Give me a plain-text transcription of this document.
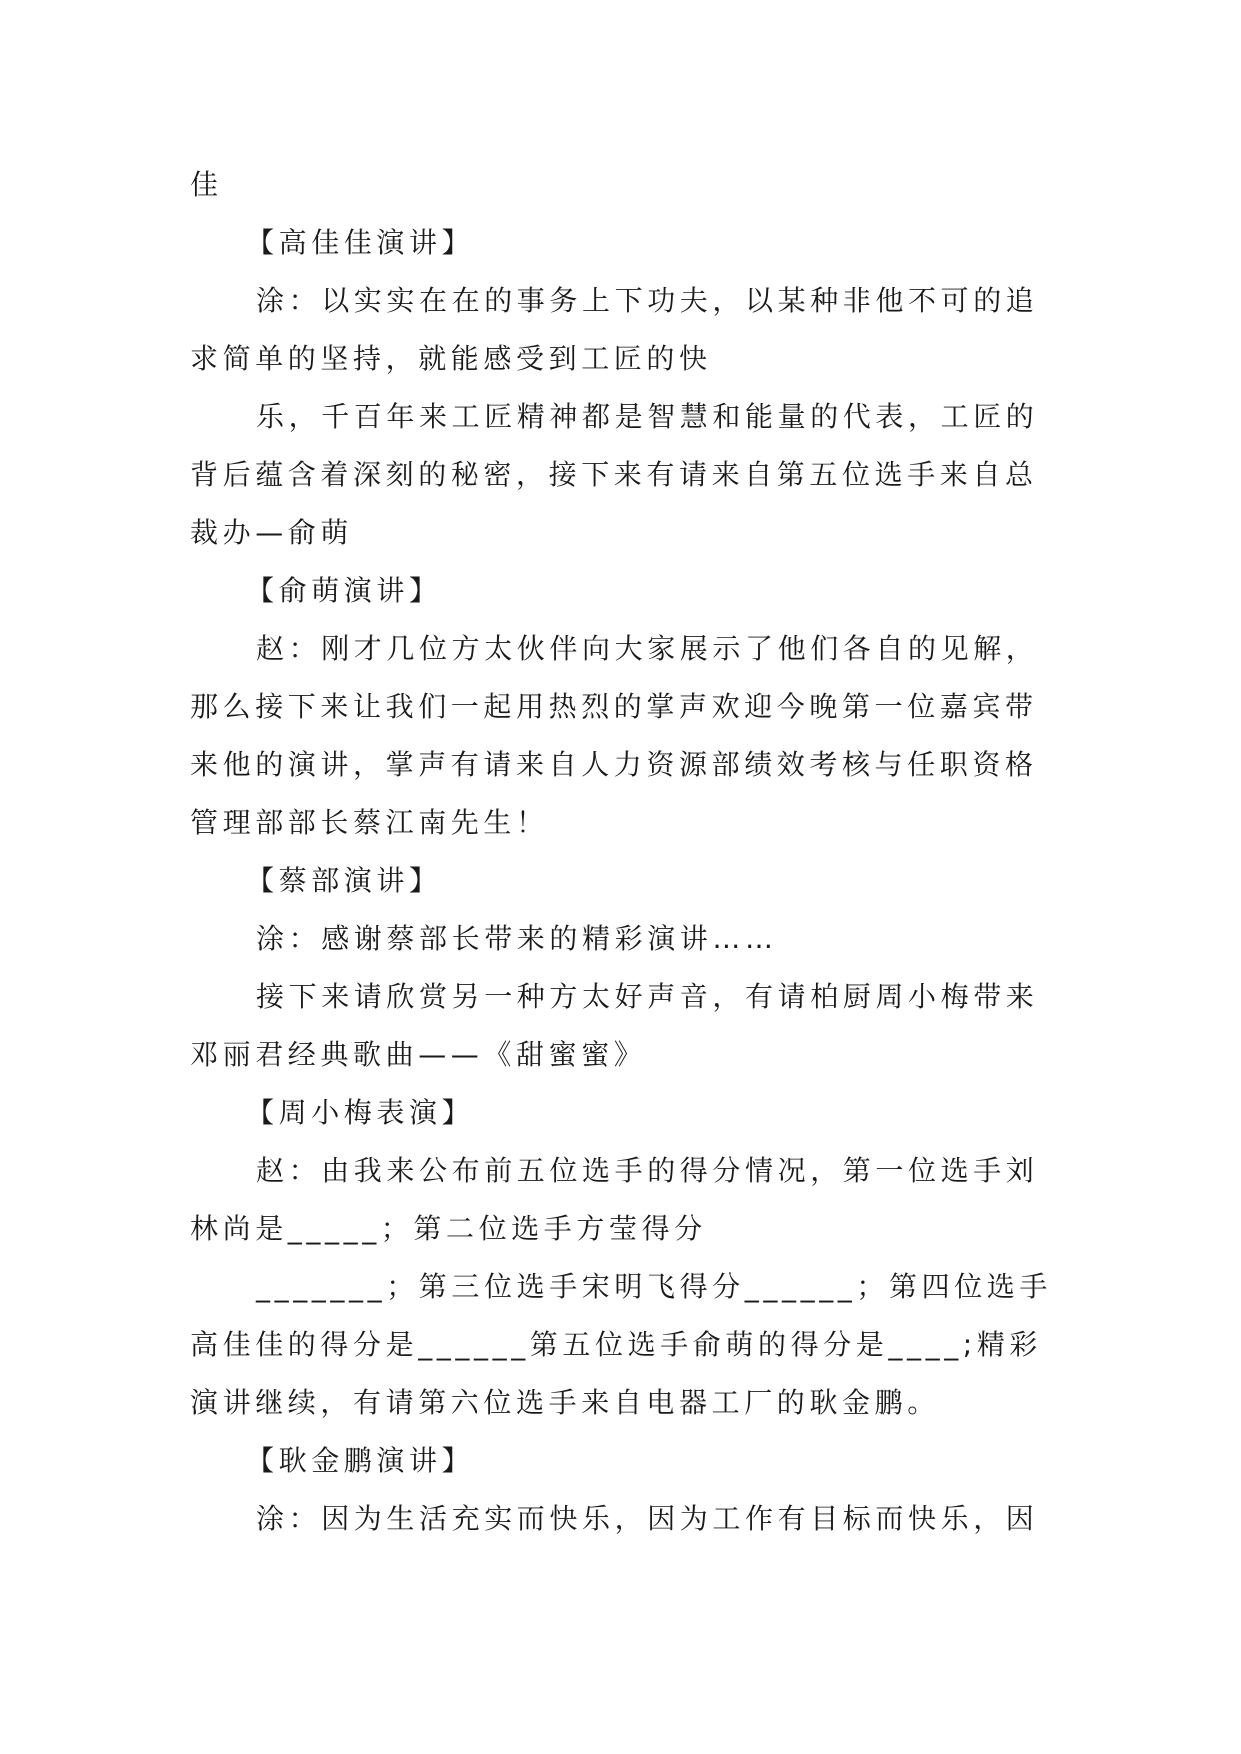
佳

【高佳佳演讲】

涂：以实实在在的事务上下功夫，以某种非他不可的追求简单的坚持，就能感受到工匠的快

乐，千百年来工匠精神都是智慧和能量的代表，工匠的背后蕴含着深刻的秘密，接下来有请来自第五位选手来自总裁办—俞萌

【俞萌演讲】

赵：刚才几位方太伙伴向大家展示了他们各自的见解，那么接下来让我们一起用热烈的掌声欢迎今晚第一位嘉宾带来他的演讲，掌声有请来自人力资源部绩效考核与任职资格管理部部长蔡江南先生！

【蔡部演讲】

涂：感谢蔡部长带来的精彩演讲……

接下来请欣赏另一种方太好声音，有请柏厨周小梅带来邓丽君经典歌曲——《甜蜜蜜》

【周小梅表演】

赵：由我来公布前五位选手的得分情况，第一位选手刘林尚是_____；第二位选手方莹得分

_______；第三位选手宋明飞得分______；第四位选手高佳佳的得分是______第五位选手俞萌的得分是____;精彩演讲继续，有请第六位选手来自电器工厂的耿金鹏。

【耿金鹏演讲】

涂：因为生活充实而快乐，因为工作有目标而快乐，因
